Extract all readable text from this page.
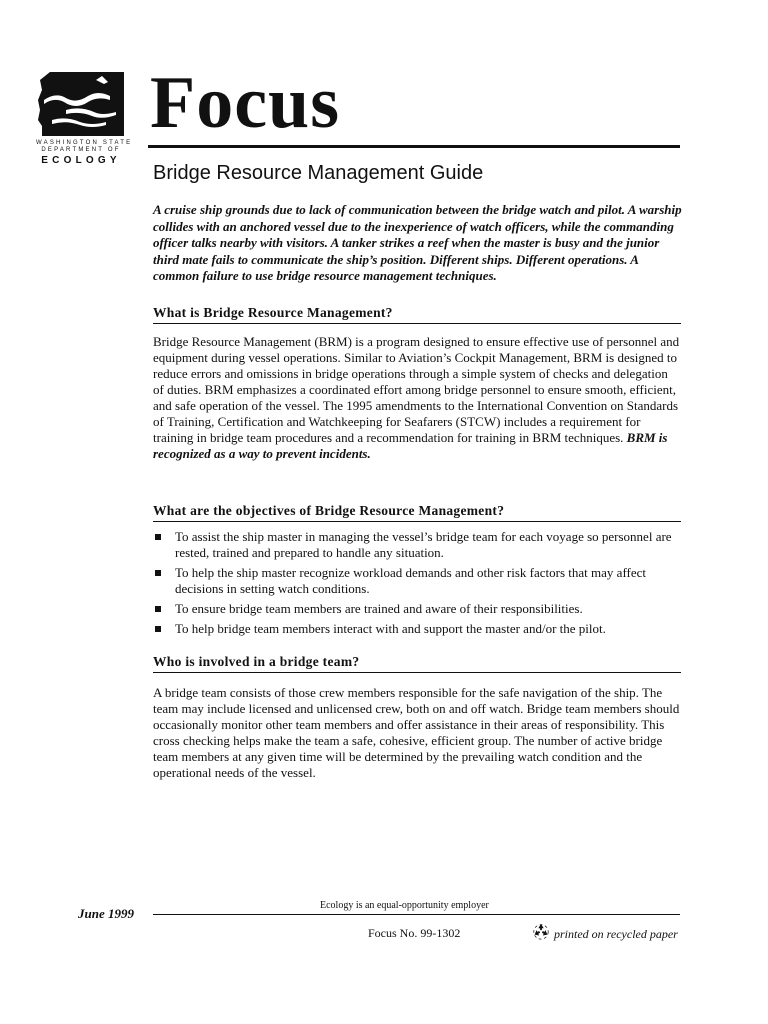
WASHINGTON STATE
DEPARTMENT OF
ECOLOGY
Focus
Bridge Resource Management Guide
A cruise ship grounds due to lack of communication between the bridge watch and pilot. A warship collides with an anchored vessel due to the inexperience of watch officers, while the commanding officer talks nearby with visitors. A tanker strikes a reef when the master is busy and the junior third mate fails to communicate the ship’s position. Different ships. Different operations. A common failure to use bridge resource management techniques.
What is Bridge Resource Management?
Bridge Resource Management (BRM) is a program designed to ensure effective use of personnel and equipment during vessel operations. Similar to Aviation’s Cockpit Management, BRM is designed to reduce errors and omissions in bridge operations through a simple system of checks and delegation of duties. BRM emphasizes a coordinated effort among bridge personnel to ensure smooth, efficient, and safe operation of the vessel. The 1995 amendments to the International Convention on Standards of Training, Certification and Watchkeeping for Seafarers (STCW) includes a requirement for training in bridge team procedures and a recommendation for training in BRM techniques. BRM is recognized as a way to prevent incidents.
What are the objectives of Bridge Resource Management?
To assist the ship master in managing the vessel’s bridge team for each voyage so personnel are rested, trained and prepared to handle any situation.
To help the ship master recognize workload demands and other risk factors that may affect decisions in setting watch conditions.
To ensure bridge team members are trained and aware of their responsibilities.
To help bridge team members interact with and support the master and/or the pilot.
Who is involved in a bridge team?
A bridge team consists of those crew members responsible for the safe navigation of the ship. The team may include licensed and unlicensed crew, both on and off watch. Bridge team members should occasionally monitor other team members and offer assistance in their areas of responsibility. This cross checking helps make the team a safe, cohesive, efficient group. The number of active bridge team members at any given time will be determined by the prevailing watch condition and the operational needs of the vessel.
Ecology is an equal-opportunity employer
June 1999
Focus No. 99-1302	printed on recycled paper
